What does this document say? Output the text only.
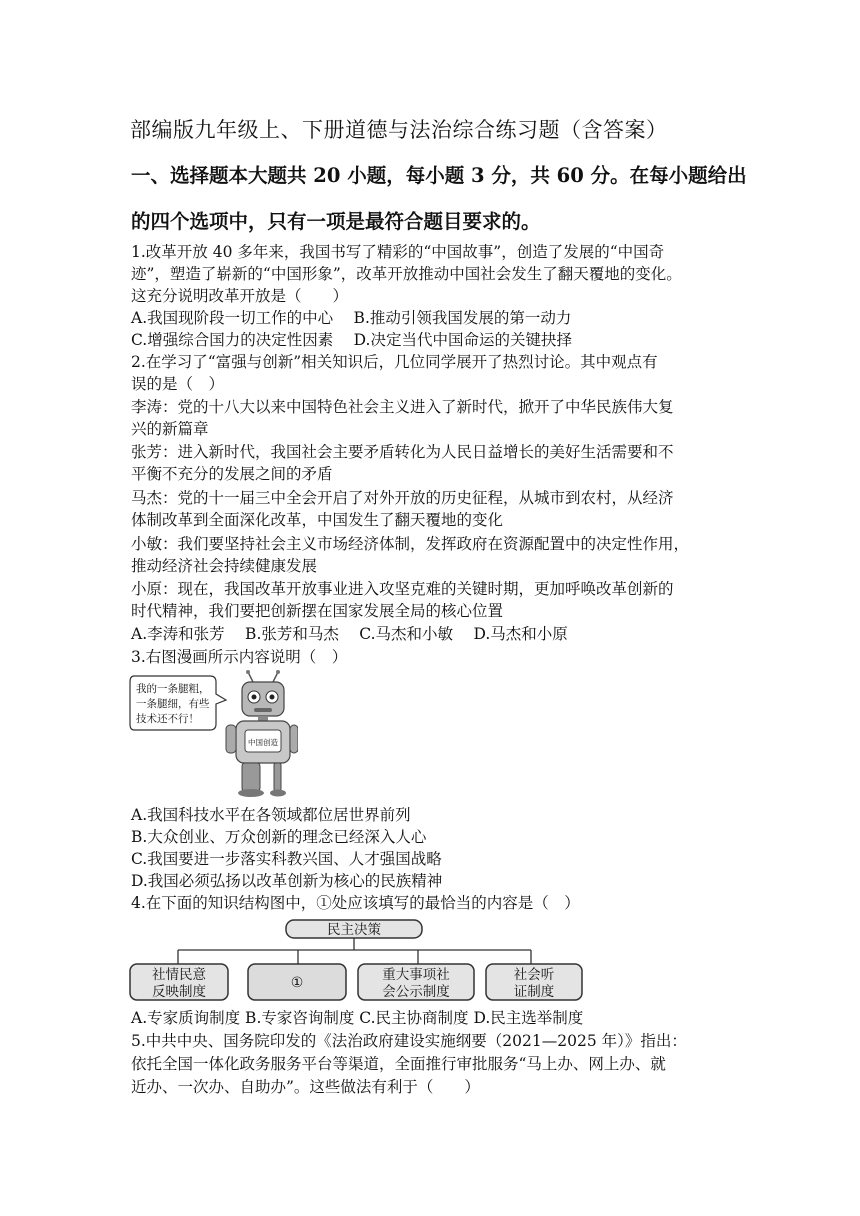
部编版九年级上、下册道德与法治综合练习题（含答案）
一、选择题本大题共 20 小题，每小题 3 分，共 60 分。在每小题给出
的四个选项中，只有一项是最符合题目要求的。
1.改革开放 40 多年来，我国书写了精彩的“中国故事”，创造了发展的“中国奇
迹”，塑造了崭新的“中国形象”，改革开放推动中国社会发生了翻天覆地的变化。
这充分说明改革开放是（　　）
A.我国现阶段一切工作的中心　 B.推动引领我国发展的第一动力
C.增强综合国力的决定性因素　 D.决定当代中国命运的关键抉择
2.在学习了“富强与创新”相关知识后，几位同学展开了热烈讨论。其中观点有
误的是（　）
李涛：党的十八大以来中国特色社会主义进入了新时代，掀开了中华民族伟大复
兴的新篇章
张芳：进入新时代，我国社会主要矛盾转化为人民日益增长的美好生活需要和不
平衡不充分的发展之间的矛盾
马杰：党的十一届三中全会开启了对外开放的历史征程，从城市到农村，从经济
体制改革到全面深化改革，中国发生了翻天覆地的变化
小敏：我们要坚持社会主义市场经济体制，发挥政府在资源配置中的决定性作用，
推动经济社会持续健康发展
小原：现在，我国改革开放事业进入攻坚克难的关键时期，更加呼唤改革创新的
时代精神，我们要把创新摆在国家发展全局的核心位置
A.李涛和张芳　 B.张芳和马杰　 C.马杰和小敏　 D.马杰和小原
3.右图漫画所示内容说明（　）
我的一条腿粗，
一条腿细，有些
技术还不行！
中国创造
A.我国科技水平在各领域都位居世界前列
B.大众创业、万众创新的理念已经深入人心
C.我国要进一步落实科教兴国、人才强国战略
D.我国必须弘扬以改革创新为核心的民族精神
4.在下面的知识结构图中，①处应该填写的最恰当的内容是（　）
民主决策
社情民意
反映制度
①	重大事项社
会公示制度
社会听
证制度
A.专家质询制度 B.专家咨询制度 C.民主协商制度 D.民主选举制度
5.中共中央、国务院印发的《法治政府建设实施纲要（2021—2025 年）》指出：
依托全国一体化政务服务平台等渠道，全面推行审批服务“马上办、网上办、就
近办、一次办、自助办”。这些做法有利于（　　）
